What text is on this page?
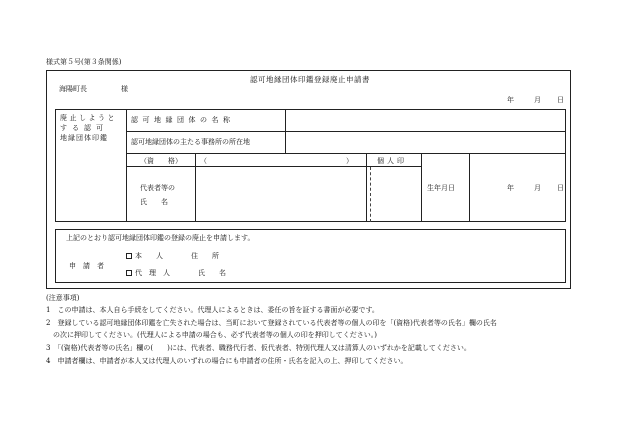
様式第５号(第３条関係)
認可地縁団体印鑑登録廃止申請書
海陽町長	様
年	月 日
廃止しようと
する認可
地縁団体印鑑
認可地縁団体の名称
認可地縁団体の主たる事務所の所在地
（資　　格）	（	）	個人印
代表者等の
氏　　名
生年月日	年	月 日
上記のとおり認可地縁団体印鑑の登録の廃止を申請します。
申　請　者
本　　人	住　　所
代　理　人	氏　　名
(注意事項)
1　この申請は、本人自ら手続をしてください。代理人によるときは、委任の旨を証する書面が必要です。
2　登録している認可地縁団体印鑑を亡失された場合は、当町において登録されている代表者等の個人の印を「(資格)代表者等の氏名」欄の氏名
　の次に押印してください。(代理人による申請の場合も、必ず代表者等の個人の印を押印してください。)
3　「(資格)代表者等の氏名」欄の(　　)には、代表者、職務代行者、仮代表者、特別代理人又は清算人のいずれかを記載してください。
4　申請者欄は、申請者が本人又は代理人のいずれの場合にも申請者の住所・氏名を記入の上、押印してください。
